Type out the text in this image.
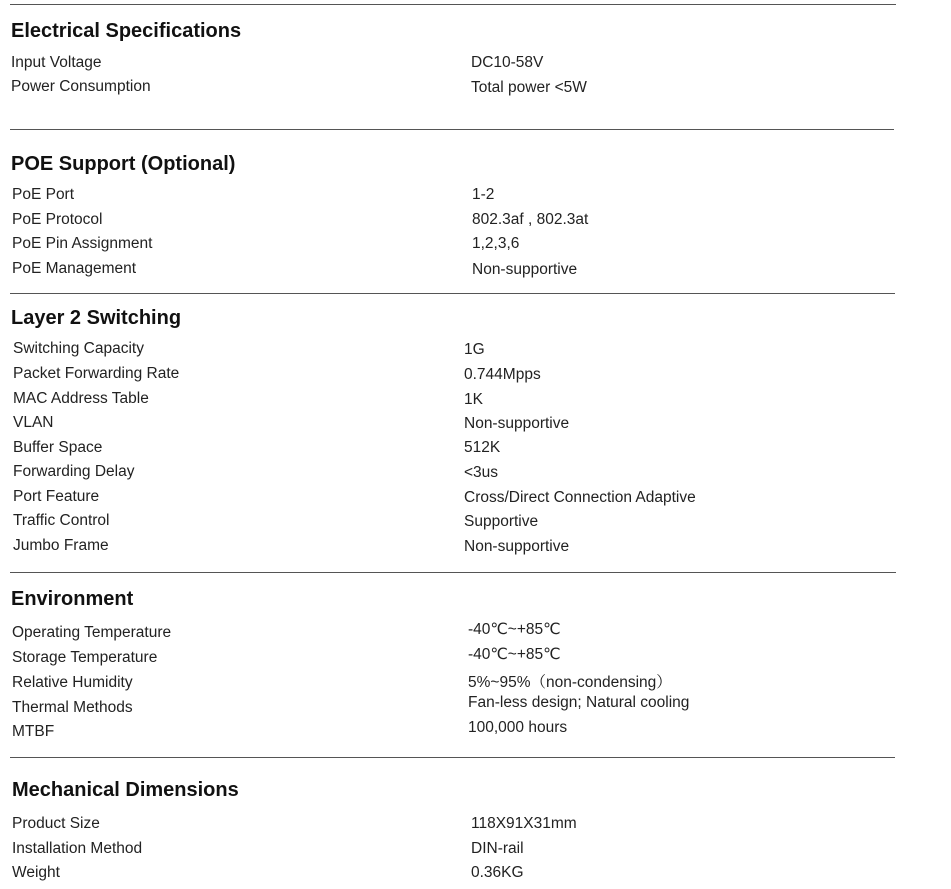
Electrical Specifications
Input Voltage	DC10-58V
Power Consumption	Total power <5W
POE Support (Optional)
PoE Port	1-2
PoE Protocol	802.3af , 802.3at
PoE Pin Assignment	1,2,3,6
PoE Management	Non-supportive
Layer 2 Switching
Switching Capacity	1G
Packet Forwarding Rate	0.744Mpps
MAC Address Table	1K
VLAN	Non-supportive
Buffer Space	512K
Forwarding Delay	<3us
Port Feature	Cross/Direct Connection Adaptive
Traffic Control	Supportive
Jumbo Frame	Non-supportive
Environment
Operating Temperature	-40℃~+85℃
Storage Temperature	-40℃~+85℃
Relative Humidity	5%~95%（non-condensing）
Thermal Methods	Fan-less design; Natural cooling
MTBF	100,000 hours
Mechanical Dimensions
Product Size	118X91X31mm
Installation Method	DIN-rail
Weight	0.36KG
